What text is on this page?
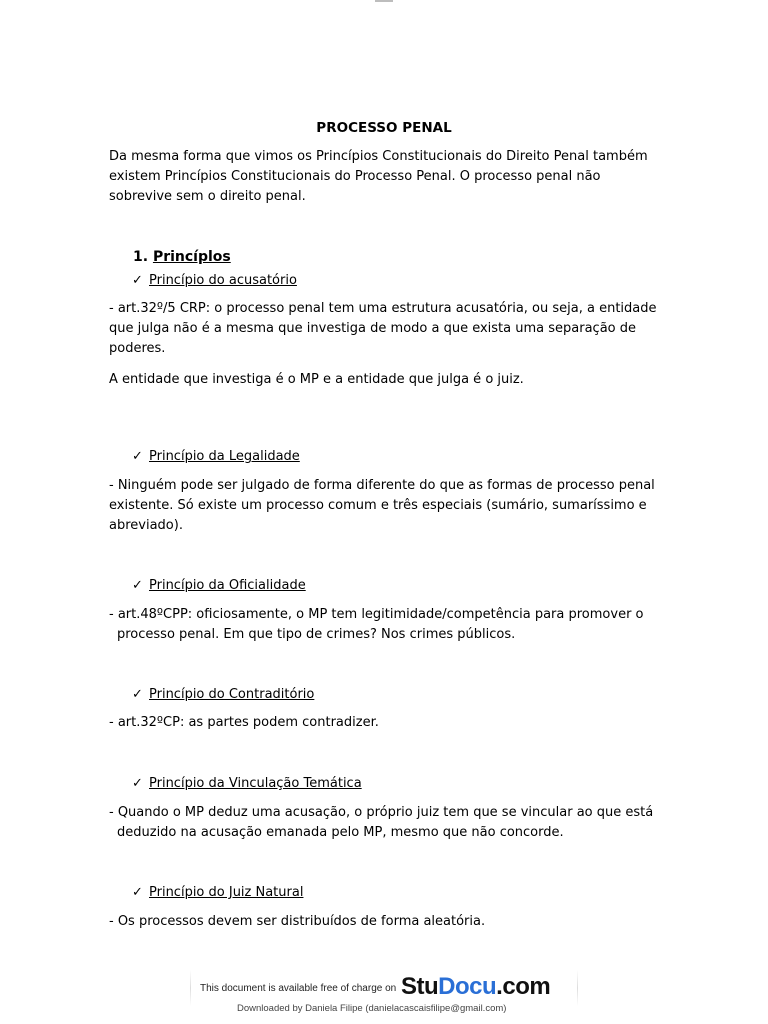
PROCESSO PENAL
Da mesma forma que vimos os Princípios Constitucionais do Direito Penal também existem Princípios Constitucionais do Processo Penal. O processo penal não sobrevive sem o direito penal.
1. Princíplos
✓ Princípio do acusatório
- art.32º/5 CRP: o processo penal tem uma estrutura acusatória, ou seja, a entidade que julga não é a mesma que investiga de modo a que exista uma separação de poderes.
A entidade que investiga é o MP e a entidade que julga é o juiz.
✓ Princípio da Legalidade
- Ninguém pode ser julgado de forma diferente do que as formas de processo penal existente. Só existe um processo comum e três especiais (sumário, sumaríssimo e abreviado).
✓ Princípio da Oficialidade
- art.48ºCPP: oficiosamente, o MP tem legitimidade/competência para promover o processo penal. Em que tipo de crimes? Nos crimes públicos.
✓ Princípio do Contraditório
- art.32ºCP: as partes podem contradizer.
✓ Princípio da Vinculação Temática
- Quando o MP deduz uma acusação, o próprio juiz tem que se vincular ao que está deduzido na acusação emanada pelo MP, mesmo que não concorde.
✓ Princípio do Juiz Natural
- Os processos devem ser distribuídos de forma aleatória.
This document is available free of charge on StuDocu.com
Downloaded by Daniela Filipe (danielacascaisfilipe@gmail.com)
